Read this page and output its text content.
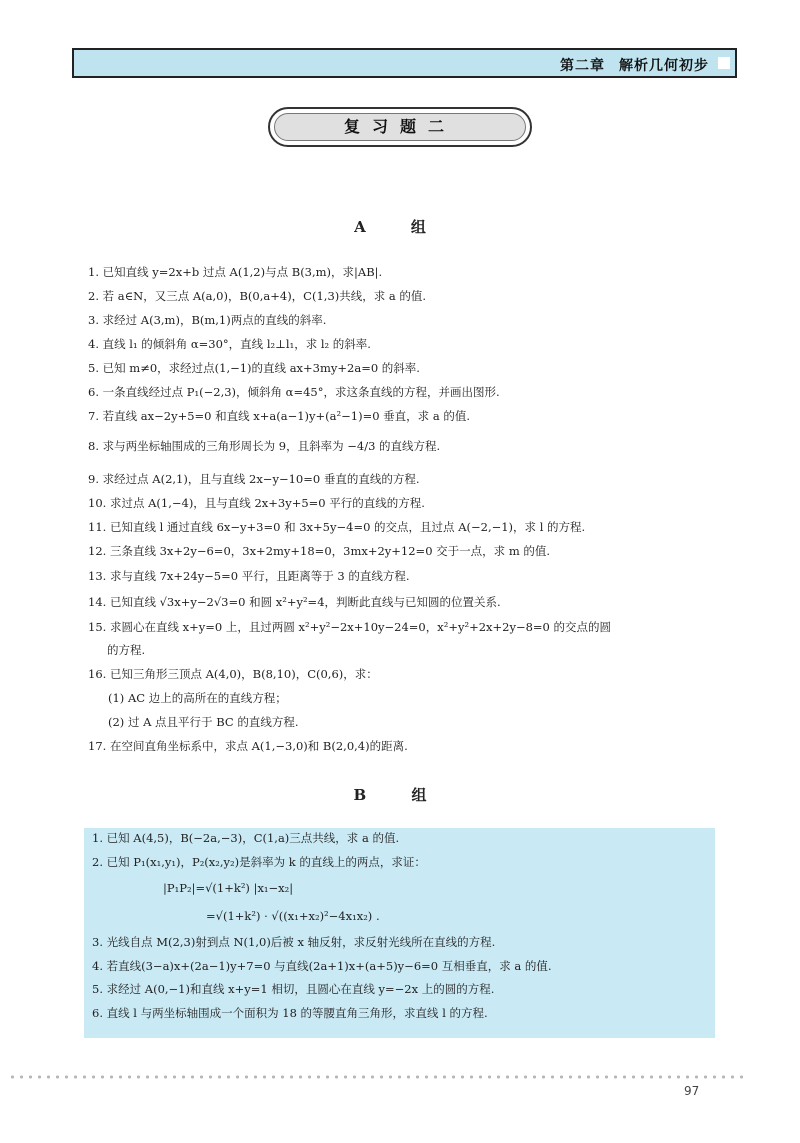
第二章 解析几何初步
复习题二
A 组
1. 已知直线 y=2x+b 过点 A(1,2)与点 B(3,m)，求|AB|.
2. 若 a∈N，又三点 A(a,0)，B(0,a+4)，C(1,3)共线，求 a 的值.
3. 求经过 A(3,m)，B(m,1)两点的直线的斜率.
4. 直线 l₁ 的倾斜角 α=30°，直线 l₂⊥l₁，求 l₂ 的斜率.
5. 已知 m≠0，求经过点(1,−1)的直线 ax+3my+2a=0 的斜率.
6. 一条直线经过点 P₁(−2,3)，倾斜角 α=45°，求这条直线的方程，并画出图形.
7. 若直线 ax−2y+5=0 和直线 x+a(a−1)y+(a²−1)=0 垂直，求 a 的值.
8. 求与两坐标轴围成的三角形周长为 9，且斜率为 −4/3 的直线方程.
9. 求经过点 A(2,1)，且与直线 2x−y−10=0 垂直的直线的方程.
10. 求过点 A(1,−4)，且与直线 2x+3y+5=0 平行的直线的方程.
11. 已知直线 l 通过直线 6x−y+3=0 和 3x+5y−4=0 的交点，且过点 A(−2,−1)，求 l 的方程.
12. 三条直线 3x+2y−6=0，3x+2my+18=0，3mx+2y+12=0 交于一点，求 m 的值.
13. 求与直线 7x+24y−5=0 平行，且距离等于 3 的直线方程.
14. 已知直线 √3x+y−2√3=0 和圆 x²+y²=4，判断此直线与已知圆的位置关系.
15. 求圆心在直线 x+y=0 上，且过两圆 x²+y²−2x+10y−24=0，x²+y²+2x+2y−8=0 的交点的圆
的方程.
16. 已知三角形三顶点 A(4,0)，B(8,10)，C(0,6)，求：
(1) AC 边上的高所在的直线方程；
(2) 过 A 点且平行于 BC 的直线方程.
17. 在空间直角坐标系中，求点 A(1,−3,0)和 B(2,0,4)的距离.
B 组
1. 已知 A(4,5)，B(−2a,−3)，C(1,a)三点共线，求 a 的值.
2. 已知 P₁(x₁,y₁)，P₂(x₂,y₂)是斜率为 k 的直线上的两点，求证：
|P₁P₂|=√(1+k²) |x₁−x₂|
=√(1+k²) · √((x₁+x₂)²−4x₁x₂) .
3. 光线自点 M(2,3)射到点 N(1,0)后被 x 轴反射，求反射光线所在直线的方程.
4. 若直线(3−a)x+(2a−1)y+7=0 与直线(2a+1)x+(a+5)y−6=0 互相垂直，求 a 的值.
5. 求经过 A(0,−1)和直线 x+y=1 相切，且圆心在直线 y=−2x 上的圆的方程.
6. 直线 l 与两坐标轴围成一个面积为 18 的等腰直角三角形，求直线 l 的方程.
97
